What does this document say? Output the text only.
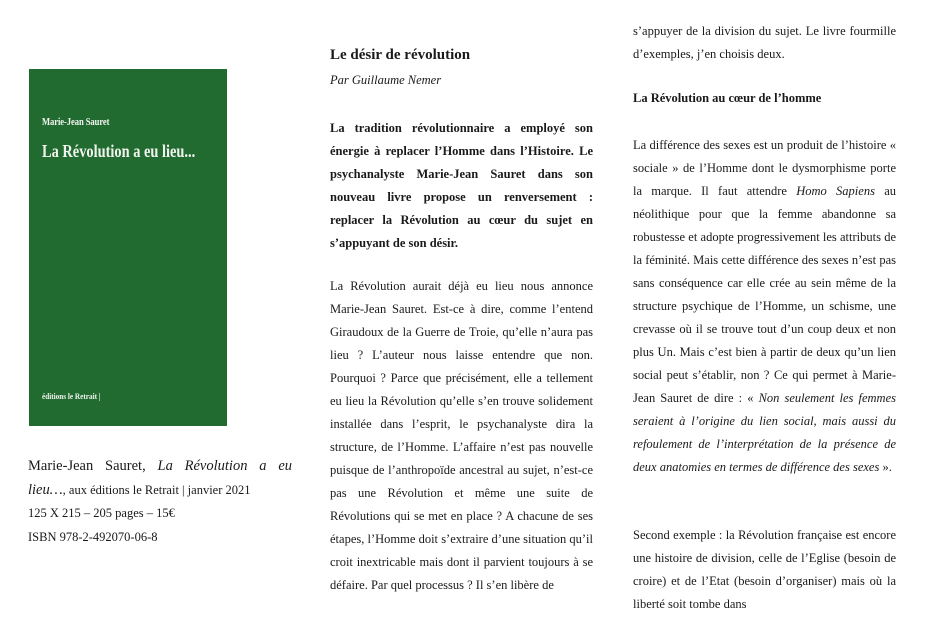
Marie-Jean Sauret
La Révolution a eu lieu...
éditions le Retrait |
Marie-Jean Sauret, La Révolution a eu
lieu…, aux éditions le Retrait | janvier 2021
125 X 215 – 205 pages – 15€
ISBN 978-2-492070-06-8
Le désir de révolution
Par Guillaume Nemer

La tradition révolutionnaire a employé son énergie à replacer l’Homme dans l’Histoire. Le psychanalyste Marie-Jean Sauret dans son nouveau livre propose un renversement : replacer la Révolution au cœur du sujet en s’appuyant de son désir.

La Révolution aurait déjà eu lieu nous annonce Marie-Jean Sauret. Est-ce à dire, comme l’entend Giraudoux de la Guerre de Troie, qu’elle n’aura pas lieu ? L’auteur nous laisse entendre que non. Pourquoi ? Parce que précisément, elle a tellement eu lieu la Révolution qu’elle s’en trouve solidement installée dans l’esprit, le psychanalyste dira la structure, de l’Homme. L’affaire n’est pas nouvelle puisque de l’anthropoïde ancestral au sujet, n’est-ce pas une Révolution et même une suite de Révolutions qui se met en place ? A chacune de ses étapes, l’Homme doit s’extraire d’une situation qu’il croit inextricable mais dont il parvient toujours à se défaire. Par quel processus ? Il s’en libère de

s’appuyer de la division du sujet. Le livre fourmille d’exemples, j’en choisis deux.

La Révolution au cœur de l’homme

La différence des sexes est un produit de l’histoire « sociale » de l’Homme dont le dysmorphisme porte la marque. Il faut attendre Homo Sapiens au néolithique pour que la femme abandonne sa robustesse et adopte progressivement les attributs de la féminité. Mais cette différence des sexes n’est pas sans conséquence car elle crée au sein même de la structure psychique de l’Homme, un schisme, une crevasse où il se trouve tout d’un coup deux et non plus Un. Mais c’est bien à partir de deux qu’un lien social peut s’établir, non ? Ce qui permet à Marie-Jean Sauret de dire : « Non seulement les femmes seraient à l’origine du lien social, mais aussi du refoulement de l’interprétation de la présence de deux anatomies en termes de différence des sexes ».

Second exemple : la Révolution française est encore une histoire de division, celle de l’Eglise (besoin de croire) et de l’Etat (besoin d’organiser) mais où la liberté soit tombe dans
